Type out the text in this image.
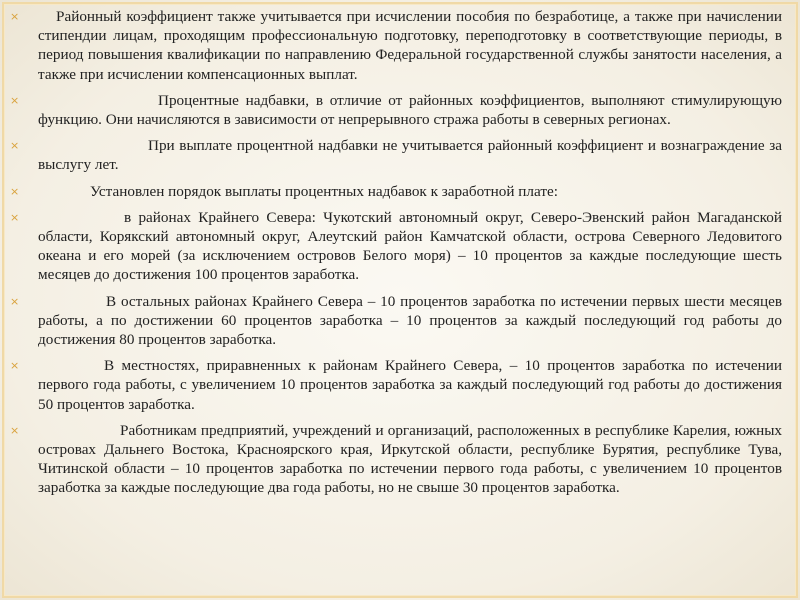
×	Районный коэффициент также учитывается при исчислении пособия по безработице, а также при начислении стипендии лицам, проходящим профессиональную подготовку, переподготовку в соответствующие периоды, в период повышения квалификации по направлению Федеральной государственной службы занятости населения, а также при исчислении компенсационных выплат.
×	Процентные надбавки, в отличие от районных коэффициентов, выполняют стимулирующую функцию. Они начисляются в зависимости от непрерывного стража работы в северных регионах.
×	При выплате процентной надбавки не учитывается районный коэффициент и вознаграждение за выслугу лет.
×	Установлен порядок выплаты процентных надбавок к заработной плате:
×	в районах Крайнего Севера: Чукотский автономный округ, Северо-Эвенский район Магаданской области, Корякский автономный округ, Алеутский район Камчатской области, острова Северного Ледовитого океана и его морей (за исключением островов Белого моря) – 10 процентов за каждые последующие шесть месяцев до достижения 100 процентов заработка.
×	В остальных районах Крайнего Севера – 10 процентов заработка по истечении первых шести месяцев работы, а по достижении 60 процентов заработка – 10 процентов за каждый последующий год работы до достижения 80 процентов заработка.
×	В местностях, приравненных к районам Крайнего Севера, – 10 процентов заработка по истечении первого года работы, с увеличением 10 процентов заработка за каждый последующий год работы до достижения 50 процентов заработка.
×	Работникам предприятий, учреждений и организаций, расположенных в республике Карелия, южных островах Дальнего Востока, Красноярского края, Иркутской области, республике Бурятия, республике Тува, Читинской области – 10 процентов заработка по истечении первого года работы, с увеличением 10 процентов заработка за каждые последующие два года работы, но не свыше 30 процентов заработка.
